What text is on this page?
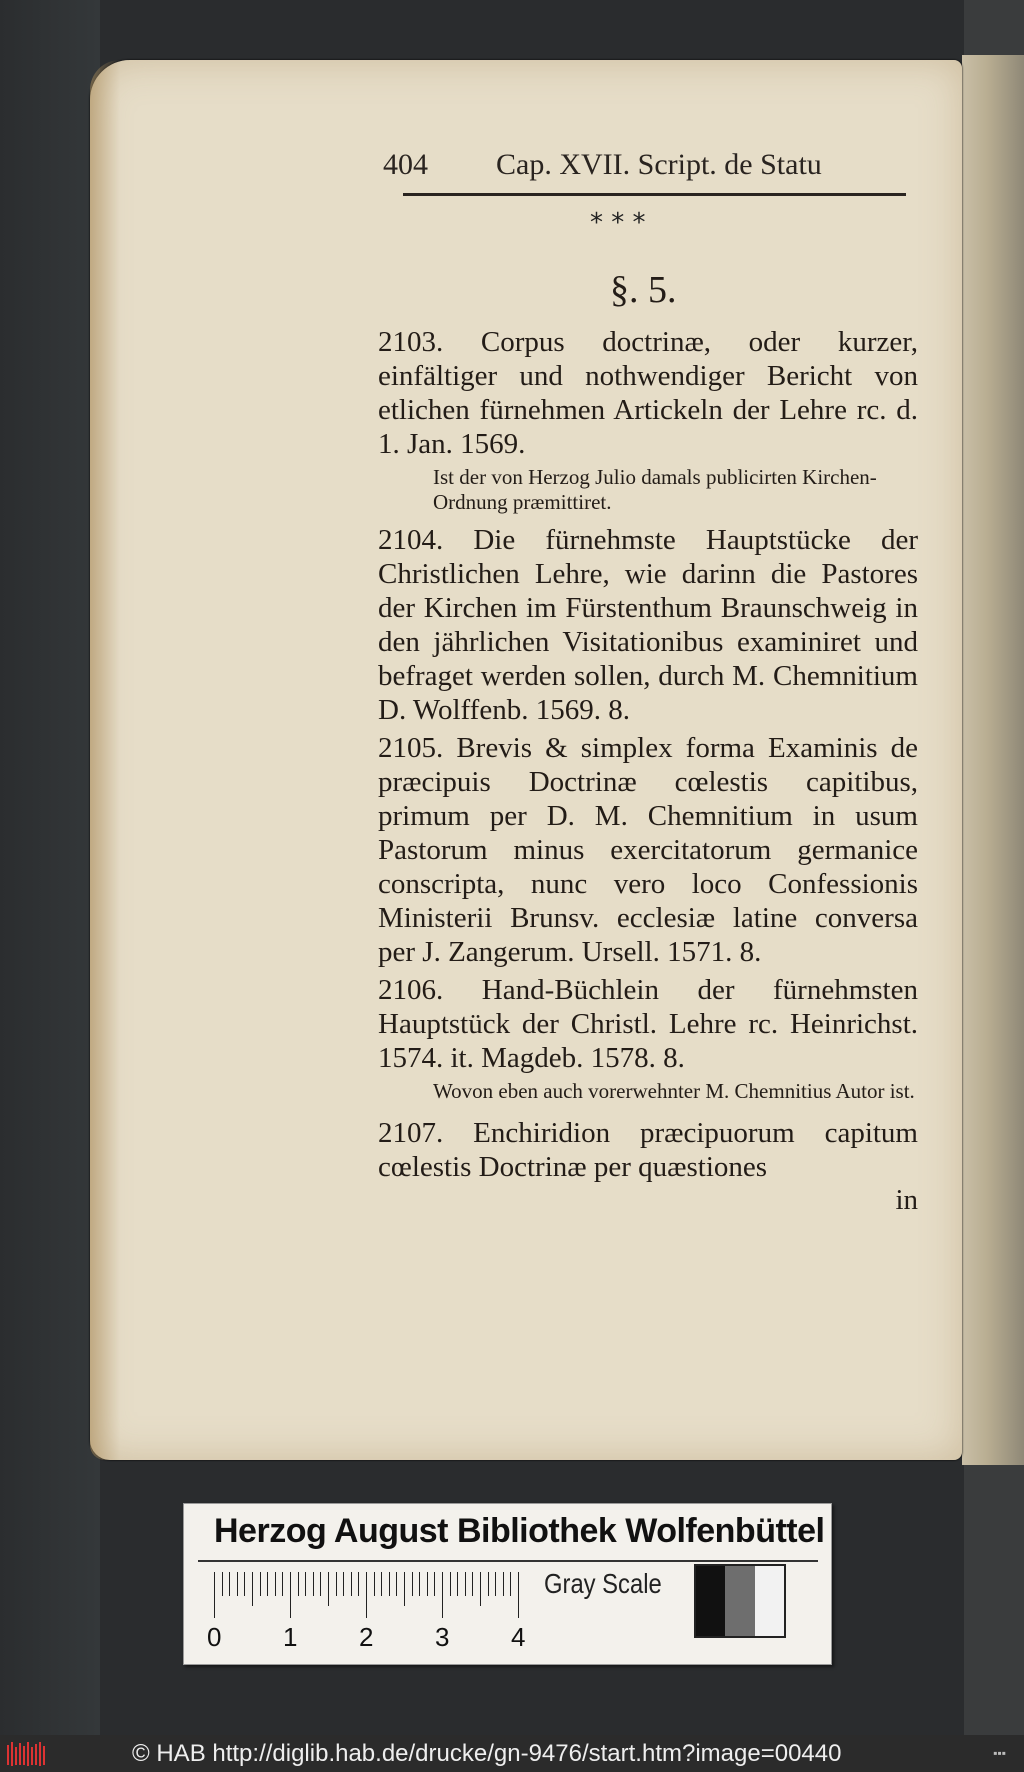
404 Cap. XVII. Script. de Statu
* * *
§. 5.

2103. Corpus doctrinæ, oder kurzer, einfältiger und nothwendiger Bericht von etlichen fürnehmen Artickeln der Lehre rc. d. 1. Jan. 1569.

Ist der von Herzog Julio damals publicirten Kirchen-Ordnung præmittiret.

2104. Die fürnehmste Hauptstücke der Christlichen Lehre, wie darinn die Pastores der Kirchen im Fürstenthum Braunschweig in den jährlichen Visitationibus examiniret und befraget werden sollen, durch M. Chemnitium D. Wolffenb. 1569. 8.

2105. Brevis & simplex forma Examinis de præcipuis Doctrinæ cœlestis capitibus, primum per D. M. Chemnitium in usum Pastorum minus exercitatorum germanice conscripta, nunc vero loco Confessionis Ministerii Brunsv. ecclesiæ latine conversa per J. Zangerum. Ursell. 1571. 8.

2106. Hand-Büchlein der fürnehmsten Hauptstück der Christl. Lehre rc. Heinrichst. 1574. it. Magdeb. 1578. 8.

Wovon eben auch vorerwehnter M. Chemnitius Autor ist.

2107. Enchiridion præcipuorum capitum cœlestis Doctrinæ per quæstiones

in
Herzog August Bibliothek Wolfenbüttel
0 1 2 3 4
Gray Scale
© HAB http://diglib.hab.de/drucke/gn-9476/start.htm?image=00440	▪▪▪
